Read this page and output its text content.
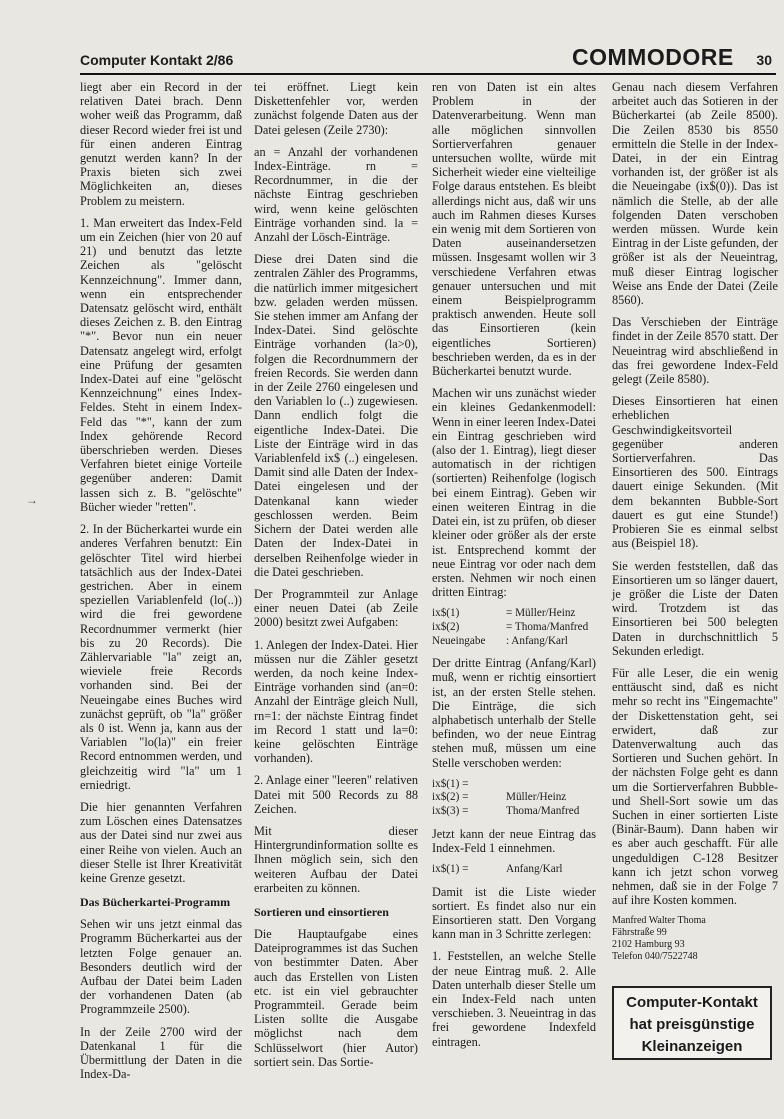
Computer Kontakt 2/86	COMMODORE 30
→

liegt aber ein Record in der relativen Datei brach. Denn woher weiß das Programm, daß dieser Record wieder frei ist und für einen anderen Eintrag genutzt werden kann? In der Praxis bieten sich zwei Möglichkeiten an, dieses Problem zu meistern.

1. Man erweitert das Index-Feld um ein Zeichen (hier von 20 auf 21) und benutzt das letzte Zeichen als "gelöscht Kennzeichnung". Immer dann, wenn ein entsprechender Datensatz gelöscht wird, enthält dieses Zeichen z. B. den Eintrag "*". Bevor nun ein neuer Datensatz angelegt wird, erfolgt eine Prüfung der gesamten Index-Datei auf eine "gelöscht Kennzeichnung" eines Index-Feldes. Steht in einem Index-Feld das "*", kann der zum Index gehörende Record überschrieben werden. Dieses Verfahren bietet einige Vorteile gegenüber anderen: Damit lassen sich z. B. "gelöschte" Bücher wieder "retten".

2. In der Bücherkartei wurde ein anderes Verfahren benutzt: Ein gelöschter Titel wird hierbei tatsächlich aus der Index-Datei gestrichen. Aber in einem speziellen Variablenfeld (lo(..)) wird die frei gewordene Recordnummer vermerkt (hier bis zu 20 Records). Die Zählervariable "la" zeigt an, wieviele freie Records vorhanden sind. Bei der Neueingabe eines Buches wird zunächst geprüft, ob "la" größer als 0 ist. Wenn ja, kann aus der Variablen "lo(la)" ein freier Record entnommen werden, und gleichzeitig wird "la" um 1 erniedrigt.

Die hier genannten Verfahren zum Löschen eines Datensatzes aus der Datei sind nur zwei aus einer Reihe von vielen. Auch an dieser Stelle ist Ihrer Kreativität keine Grenze gesetzt.

Das Bücherkartei-Programm

Sehen wir uns jetzt einmal das Programm Bücherkartei aus der letzten Folge genauer an. Besonders deutlich wird der Aufbau der Datei beim Laden der vorhandenen Daten (ab Programmzeile 2500).

In der Zeile 2700 wird der Datenkanal 1 für die Übermittlung der Daten in die Index-Da-

tei eröffnet. Liegt kein Diskettenfehler vor, werden zunächst folgende Daten aus der Datei gelesen (Zeile 2730):

an = Anzahl der vorhandenen Index-Einträge. rn = Recordnummer, in die der nächste Eintrag geschrieben wird, wenn keine gelöschten Einträge vorhanden sind. la = Anzahl der Lösch-Einträge.

Diese drei Daten sind die zentralen Zähler des Programms, die natürlich immer mitgesichert bzw. geladen werden müssen. Sie stehen immer am Anfang der Index-Datei. Sind gelöschte Einträge vorhanden (la>0), folgen die Recordnummern der freien Records. Sie werden dann in der Zeile 2760 eingelesen und den Variablen lo (..) zugewiesen. Dann endlich folgt die eigentliche Index-Datei. Die Liste der Einträge wird in das Variablenfeld ix$ (..) eingelesen. Damit sind alle Daten der Index-Datei eingelesen und der Datenkanal kann wieder geschlossen werden. Beim Sichern der Datei werden alle Daten der Index-Datei in derselben Reihenfolge wieder in die Datei geschrieben.

Der Programmteil zur Anlage einer neuen Datei (ab Zeile 2000) besitzt zwei Aufgaben:

1. Anlegen der Index-Datei. Hier müssen nur die Zähler gesetzt werden, da noch keine Index-Einträge vorhanden sind (an=0: Anzahl der Einträge gleich Null, rn=1: der nächste Eintrag findet im Record 1 statt und la=0: keine gelöschten Einträge vorhanden).

2. Anlage einer "leeren" relativen Datei mit 500 Records zu 88 Zeichen.

Mit dieser Hintergrundinformation sollte es Ihnen möglich sein, sich den weiteren Aufbau der Datei erarbeiten zu können.

Sortieren und einsortieren

Die Hauptaufgabe eines Dateiprogrammes ist das Suchen von bestimmter Daten. Aber auch das Erstellen von Listen etc. ist ein viel gebrauchter Programmteil. Gerade beim Listen sollte die Ausgabe möglichst nach dem Schlüsselwort (hier Autor) sortiert sein. Das Sortie-

ren von Daten ist ein altes Problem in der Datenverarbeitung. Wenn man alle möglichen sinnvollen Sortierverfahren genauer untersuchen wollte, würde mit Sicherheit wieder eine vielteilige Folge daraus entstehen. Es bleibt allerdings nicht aus, daß wir uns auch im Rahmen dieses Kurses ein wenig mit dem Sortieren von Daten auseinandersetzen müssen. Insgesamt wollen wir 3 verschiedene Verfahren etwas genauer untersuchen und mit einem Beispielprogramm praktisch anwenden. Heute soll das Einsortieren (kein eigentliches Sortieren) beschrieben werden, da es in der Bücherkartei benutzt wurde.

Machen wir uns zunächst wieder ein kleines Gedankenmodell: Wenn in einer leeren Index-Datei ein Eintrag geschrieben wird (also der 1. Eintrag), liegt dieser automatisch in der richtigen (sortierten) Reihenfolge (logisch bei einem Eintrag). Geben wir einen weiteren Eintrag in die Datei ein, ist zu prüfen, ob dieser kleiner oder größer als der erste ist. Entsprechend kommt der neue Eintrag vor oder nach dem ersten. Nehmen wir noch einen dritten Eintrag:

ix$(1)	= Müller/Heinz
ix$(2)	= Thoma/Manfred
Neueingabe	: Anfang/Karl

Der dritte Eintrag (Anfang/Karl) muß, wenn er richtig einsortiert ist, an der ersten Stelle stehen. Die Einträge, die sich alphabetisch unterhalb der Stelle befinden, wo der neue Eintrag stehen muß, müssen um eine Stelle verschoben werden:

ix$(1) =
ix$(2) =	Müller/Heinz
ix$(3) =	Thoma/Manfred

Jetzt kann der neue Eintrag das Index-Feld 1 einnehmen.

ix$(1) =	Anfang/Karl

Damit ist die Liste wieder sortiert. Es findet also nur ein Einsortieren statt. Den Vorgang kann man in 3 Schritte zerlegen:

1. Feststellen, an welche Stelle der neue Eintrag muß. 2. Alle Daten unterhalb dieser Stelle um ein Index-Feld nach unten verschieben. 3. Neueintrag in das frei gewordene Indexfeld eintragen.

Genau nach diesem Verfahren arbeitet auch das Sotieren in der Bücherkartei (ab Zeile 8500). Die Zeilen 8530 bis 8550 ermitteln die Stelle in der Index-Datei, in der ein Eintrag vorhanden ist, der größer ist als die Neueingabe (ix$(0)). Das ist nämlich die Stelle, ab der alle folgenden Daten verschoben werden müssen. Wurde kein Eintrag in der Liste gefunden, der größer ist als der Neueintrag, muß dieser Eintrag logischer Weise ans Ende der Datei (Zeile 8560).

Das Verschieben der Einträge findet in der Zeile 8570 statt. Der Neueintrag wird abschließend in das frei gewordene Index-Feld gelegt (Zeile 8580).

Dieses Einsortieren hat einen erheblichen Geschwindigkeitsvorteil gegenüber anderen Sortierverfahren. Das Einsortieren des 500. Eintrags dauert einige Sekunden. (Mit dem bekannten Bubble-Sort dauert es gut eine Stunde!) Probieren Sie es einmal selbst aus (Beispiel 18).

Sie werden feststellen, daß das Einsortieren um so länger dauert, je größer die Liste der Daten wird. Trotzdem ist das Einsortieren bei 500 belegten Daten in durchschnittlich 5 Sekunden erledigt.

Für alle Leser, die ein wenig enttäuscht sind, daß es nicht mehr so recht ins "Eingemachte" der Diskettenstation geht, sei erwidert, daß zur Datenverwaltung auch das Sortieren und Suchen gehört. In der nächsten Folge geht es dann um die Sortierverfahren Bubble- und Shell-Sort sowie um das Suchen in einer sortierten Liste (Binär-Baum). Dann haben wir es aber auch geschafft. Für alle ungeduldigen C-128 Besitzer kann ich jetzt schon vorweg nehmen, daß sie in der Folge 7 auf ihre Kosten kommen.

Manfred Walter Thoma
Fährstraße 99
2102 Hamburg 93
Telefon 040/7522748
Computer-Kontakt
hat preisgünstige
Kleinanzeigen
